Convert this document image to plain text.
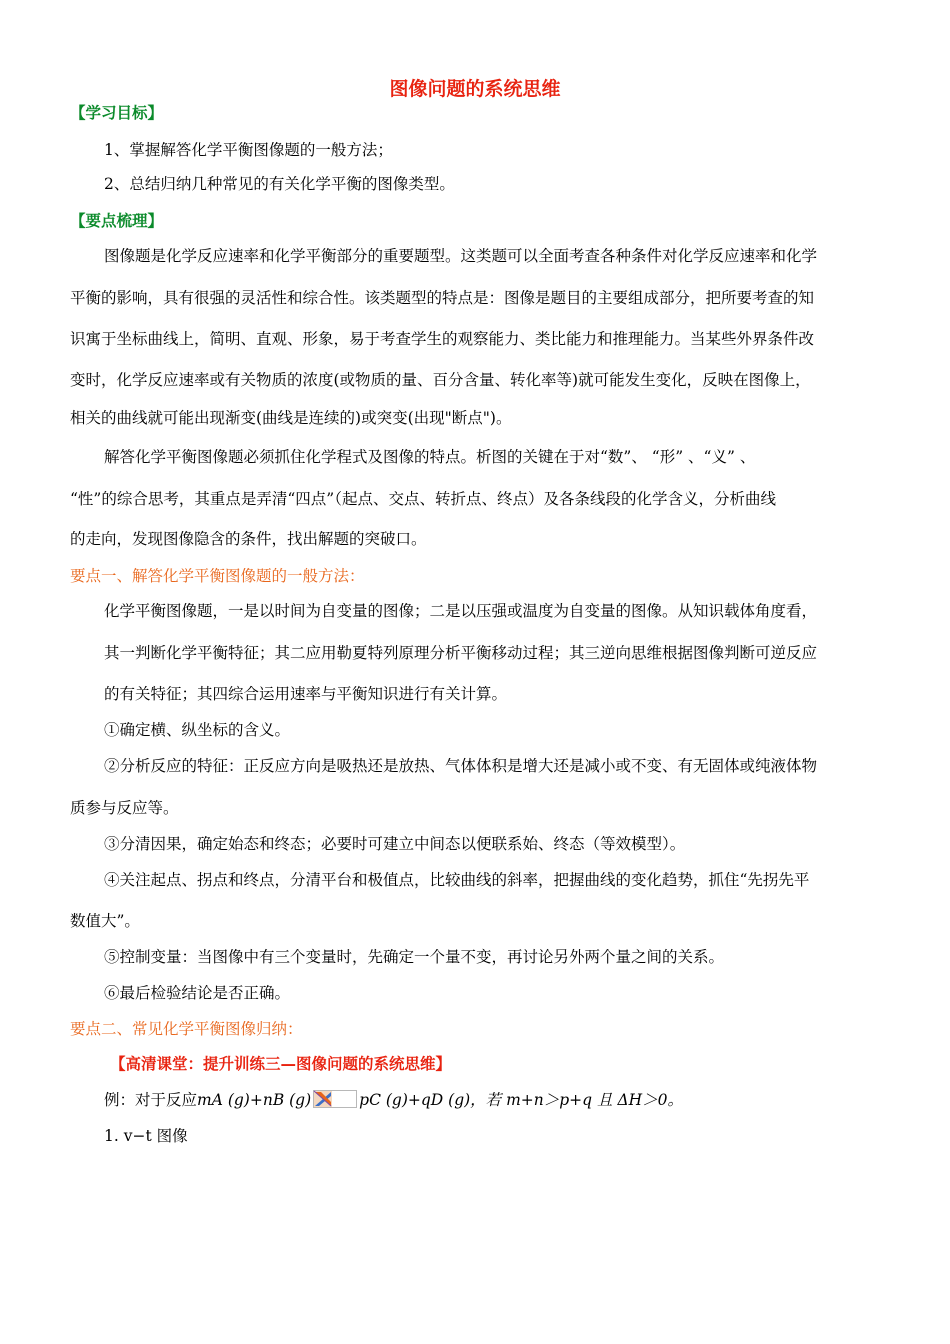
图像问题的系统思维
【学习目标】
1、掌握解答化学平衡图像题的一般方法；
2、总结归纳几种常见的有关化学平衡的图像类型。
【要点梳理】
图像题是化学反应速率和化学平衡部分的重要题型。这类题可以全面考查各种条件对化学反应速率和化学
平衡的影响，具有很强的灵活性和综合性。该类题型的特点是：图像是题目的主要组成部分，把所要考查的知
识寓于坐标曲线上，简明、直观、形象，易于考查学生的观察能力、类比能力和推理能力。当某些外界条件改
变时，化学反应速率或有关物质的浓度(或物质的量、百分含量、转化率等)就可能发生变化，反映在图像上，
相关的曲线就可能出现渐变(曲线是连续的)或突变(出现"断点")。
解答化学平衡图像题必须抓住化学程式及图像的特点。析图的关键在于对“数”、 “形” 、“义” 、
“性”的综合思考，其重点是弄清“四点”（起点、交点、转折点、终点）及各条线段的化学含义，分析曲线
的走向，发现图像隐含的条件，找出解题的突破口。
要点一、解答化学平衡图像题的一般方法：
化学平衡图像题，一是以时间为自变量的图像；二是以压强或温度为自变量的图像。从知识载体角度看，
其一判断化学平衡特征；其二应用勒夏特列原理分析平衡移动过程；其三逆向思维根据图像判断可逆反应
的有关特征；其四综合运用速率与平衡知识进行有关计算。
①确定横、纵坐标的含义。
②分析反应的特征：正反应方向是吸热还是放热、气体体积是增大还是减小或不变、有无固体或纯液体物
质参与反应等。
③分清因果，确定始态和终态；必要时可建立中间态以便联系始、终态（等效模型）。
④关注起点、拐点和终点，分清平台和极值点，比较曲线的斜率，把握曲线的变化趋势，抓住“先拐先平
数值大”。
⑤控制变量：当图像中有三个变量时，先确定一个量不变，再讨论另外两个量之间的关系。
⑥最后检验结论是否正确。
要点二、常见化学平衡图像归纳：
【高清课堂：提升训练三—图像问题的系统思维】
例：对于反应mA (g)+nB (g)	pC (g)+qD (g)，若 m+n＞p+q 且 ΔH＞0。
1. v−t 图像
